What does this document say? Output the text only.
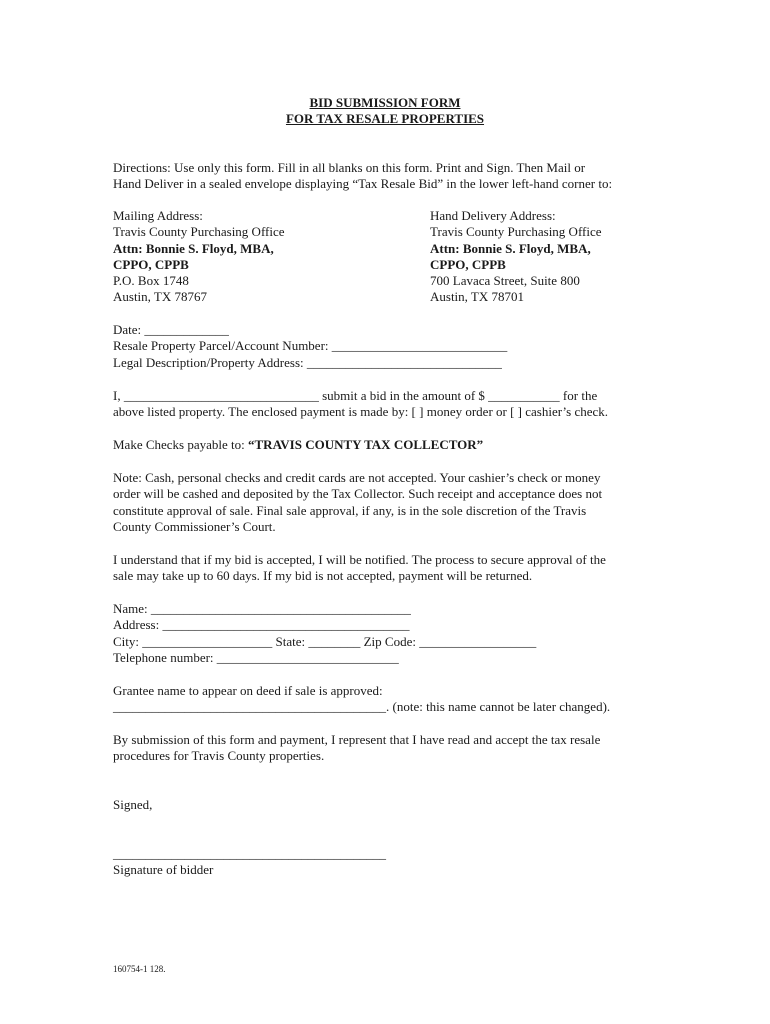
BID SUBMISSION FORM
FOR TAX RESALE PROPERTIES
Directions: Use only this form. Fill in all blanks on this form. Print and Sign. Then Mail or
Hand Deliver in a sealed envelope displaying “Tax Resale Bid” in the lower left-hand corner to:
Mailing Address:
Travis County Purchasing Office
Attn: Bonnie S. Floyd, MBA,
CPPO, CPPB
P.O. Box 1748
Austin, TX 78767
Hand Delivery Address:
Travis County Purchasing Office
Attn: Bonnie S. Floyd, MBA,
CPPO, CPPB
700 Lavaca Street, Suite 800
Austin, TX 78701
Date: _____________
Resale Property Parcel/Account Number: ___________________________
Legal Description/Property Address: ______________________________
I, ______________________________ submit a bid in the amount of $ ___________ for the
above listed property. The enclosed payment is made by: [ ] money order or [ ] cashier’s check.
Make Checks payable to: “TRAVIS COUNTY TAX COLLECTOR”
Note: Cash, personal checks and credit cards are not accepted. Your cashier’s check or money
order will be cashed and deposited by the Tax Collector. Such receipt and acceptance does not
constitute approval of sale. Final sale approval, if any, is in the sole discretion of the Travis
County Commissioner’s Court.
I understand that if my bid is accepted, I will be notified. The process to secure approval of the
sale may take up to 60 days. If my bid is not accepted, payment will be returned.
Name: ________________________________________
Address: ______________________________________
City: ____________________ State: ________ Zip Code: __________________
Telephone number: ____________________________
Grantee name to appear on deed if sale is approved:
__________________________________________. (note: this name cannot be later changed).
By submission of this form and payment, I represent that I have read and accept the tax resale
procedures for Travis County properties.
Signed,
__________________________________________
Signature of bidder
160754-1 128.
